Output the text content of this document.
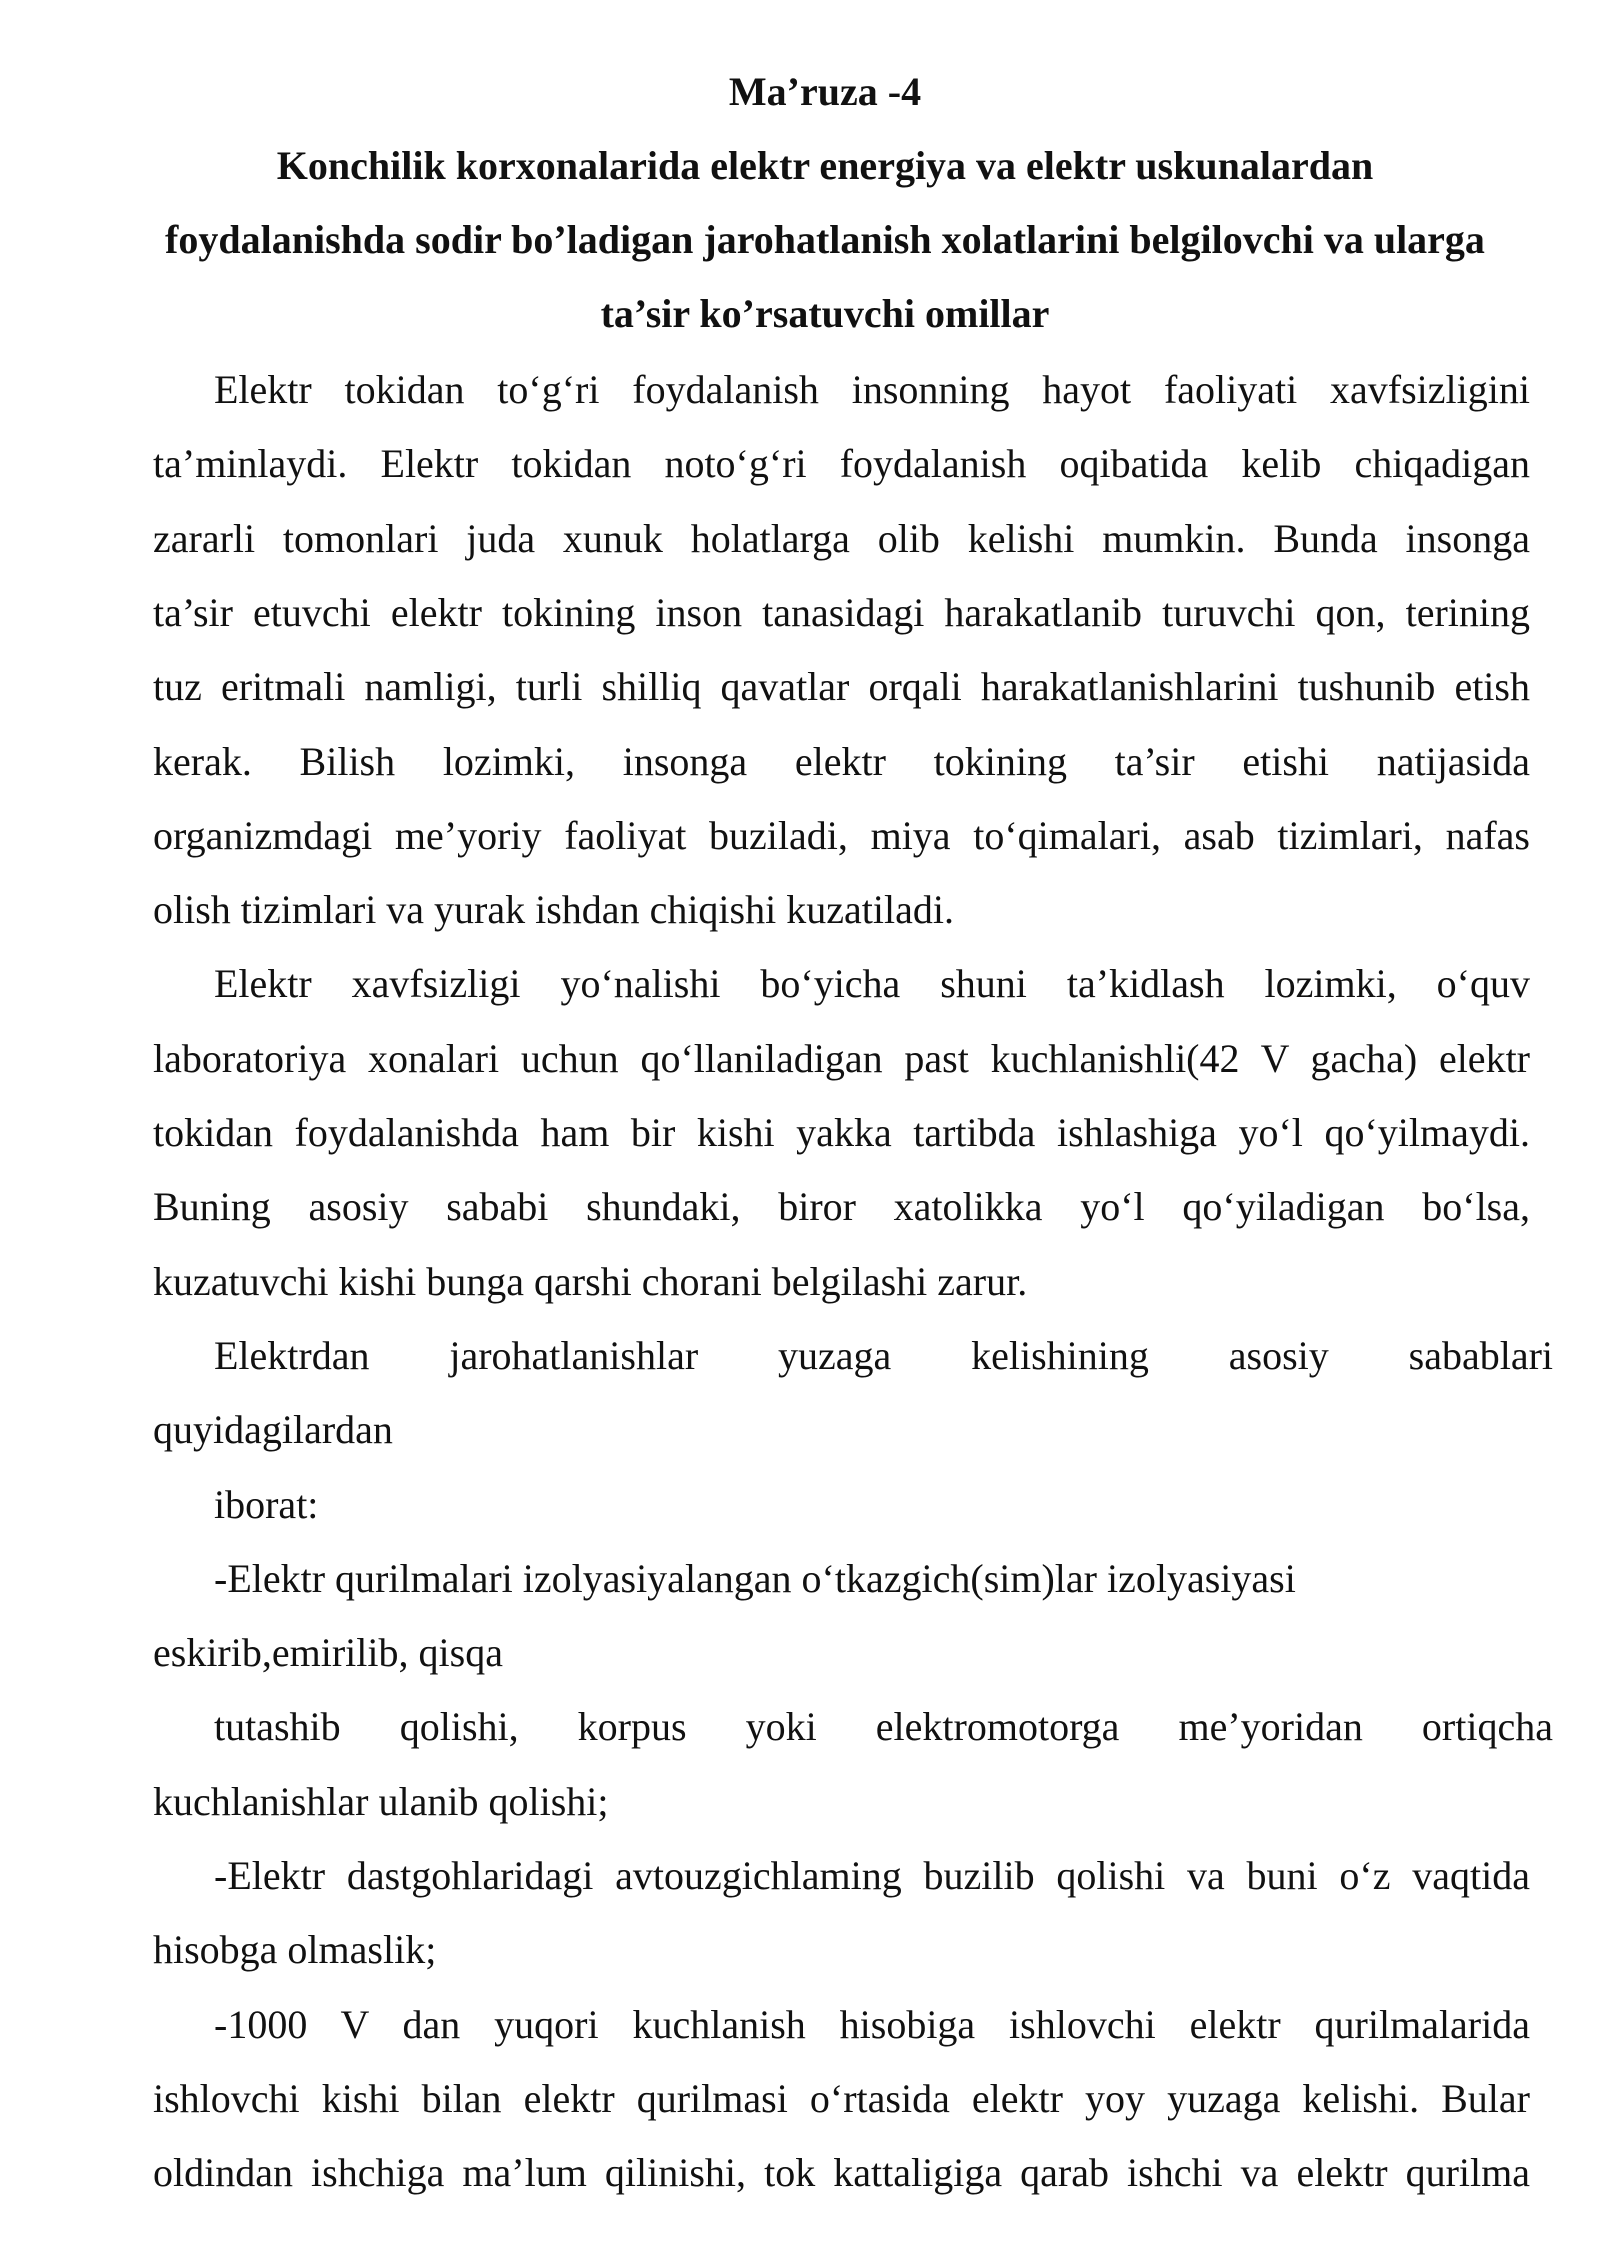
Ma’ruza -4
Konchilik korxonalarida elektr energiya va elektr uskunalardan
foydalanishda sodir bo’ladigan jarohatlanish xolatlarini belgilovchi va ularga
ta’sir ko’rsatuvchi omillar
Elektr tokidan to‘g‘ri foydalanish insonning hayot faoliyati xavfsizligini
ta’minlaydi. Elektr tokidan noto‘g‘ri foydalanish oqibatida kelib chiqadigan
zararli tomonlari juda xunuk holatlarga olib kelishi mumkin. Bunda insonga
ta’sir etuvchi elektr tokining inson tanasidagi harakatlanib turuvchi qon, terining
tuz eritmali namligi, turli shilliq qavatlar orqali harakatlanishlarini tushunib etish
kerak. Bilish lozimki, insonga elektr tokining ta’sir etishi natijasida
organizmdagi me’yoriy faoliyat buziladi, miya to‘qimalari, asab tizimlari, nafas
olish tizimlari va yurak ishdan chiqishi kuzatiladi.
Elektr xavfsizligi yo‘nalishi bo‘yicha shuni ta’kidlash lozimki, o‘quv
laboratoriya xonalari uchun qo‘llaniladigan past kuchlanishli(42 V gacha) elektr
tokidan foydalanishda ham bir kishi yakka tartibda ishlashiga yo‘l qo‘yilmaydi.
Buning asosiy sababi shundaki, biror xatolikka yo‘l qo‘yiladigan bo‘lsa,
kuzatuvchi kishi bunga qarshi choranі belgilashi zarur.
Elektrdan jarohatlanishlar yuzaga kelishining asosiy sabablari
quyidagilardan
iborat:
-Elektr qurilmalari izolyasiyalangan o‘tkazgich(sim)lar izolyasiyasi
eskirib,emirilib, qisqa
tutashib qolishi, korpus yoki elektromotorga me’yoridan ortiqcha
kuchlanishlar ulanib qolishi;
-Elektr dastgohlaridagi avtouzgichlaming buzilib qolishi va buni o‘z vaqtida
hisobga olmaslik;
-1000 V dan yuqori kuchlanish hisobiga ishlovchi elektr qurilmalarida
ishlovchi kishi bilan elektr qurilmasi o‘rtasida elektr yoy yuzaga kelishi. Bular
oldindan ishchiga ma’lum qilinishi, tok kattaligiga qarab ishchi va elektr qurilma
